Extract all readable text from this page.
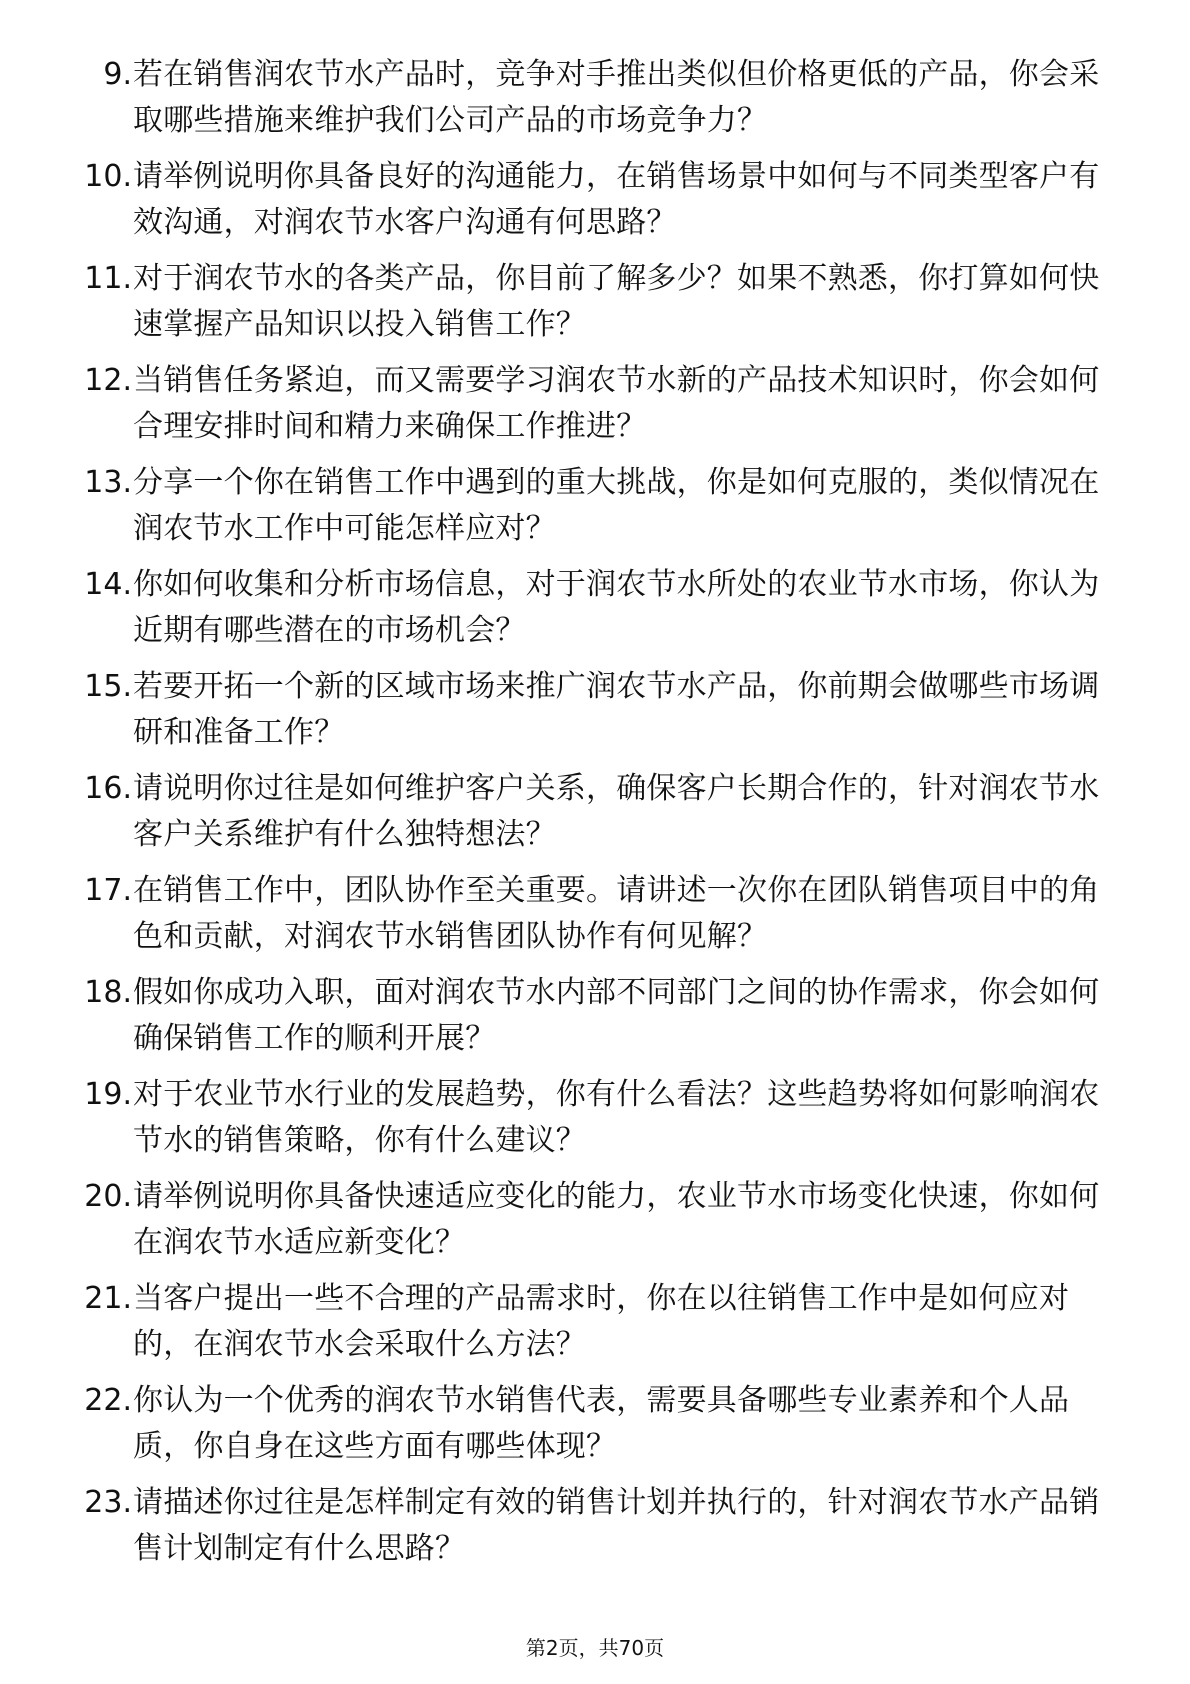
9. 若在销售润农节水产品时，竞争对手推出类似但价格更低的产品，你会采取哪些措施来维护我们公司产品的市场竞争力？
10. 请举例说明你具备良好的沟通能力，在销售场景中如何与不同类型客户有效沟通，对润农节水客户沟通有何思路？
11. 对于润农节水的各类产品，你目前了解多少？如果不熟悉，你打算如何快速掌握产品知识以投入销售工作？
12. 当销售任务紧迫，而又需要学习润农节水新的产品技术知识时，你会如何合理安排时间和精力来确保工作推进？
13. 分享一个你在销售工作中遇到的重大挑战，你是如何克服的，类似情况在润农节水工作中可能怎样应对？
14. 你如何收集和分析市场信息，对于润农节水所处的农业节水市场，你认为近期有哪些潜在的市场机会？
15. 若要开拓一个新的区域市场来推广润农节水产品，你前期会做哪些市场调研和准备工作？
16. 请说明你过往是如何维护客户关系，确保客户长期合作的，针对润农节水客户关系维护有什么独特想法？
17. 在销售工作中，团队协作至关重要。请讲述一次你在团队销售项目中的角色和贡献，对润农节水销售团队协作有何见解？
18. 假如你成功入职，面对润农节水内部不同部门之间的协作需求，你会如何确保销售工作的顺利开展？
19. 对于农业节水行业的发展趋势，你有什么看法？这些趋势将如何影响润农节水的销售策略，你有什么建议？
20. 请举例说明你具备快速适应变化的能力，农业节水市场变化快速，你如何在润农节水适应新变化？
21. 当客户提出一些不合理的产品需求时，你在以往销售工作中是如何应对的，在润农节水会采取什么方法？
22. 你认为一个优秀的润农节水销售代表，需要具备哪些专业素养和个人品质，你自身在这些方面有哪些体现？
23. 请描述你过往是怎样制定有效的销售计划并执行的，针对润农节水产品销售计划制定有什么思路？
第2页，共70页
